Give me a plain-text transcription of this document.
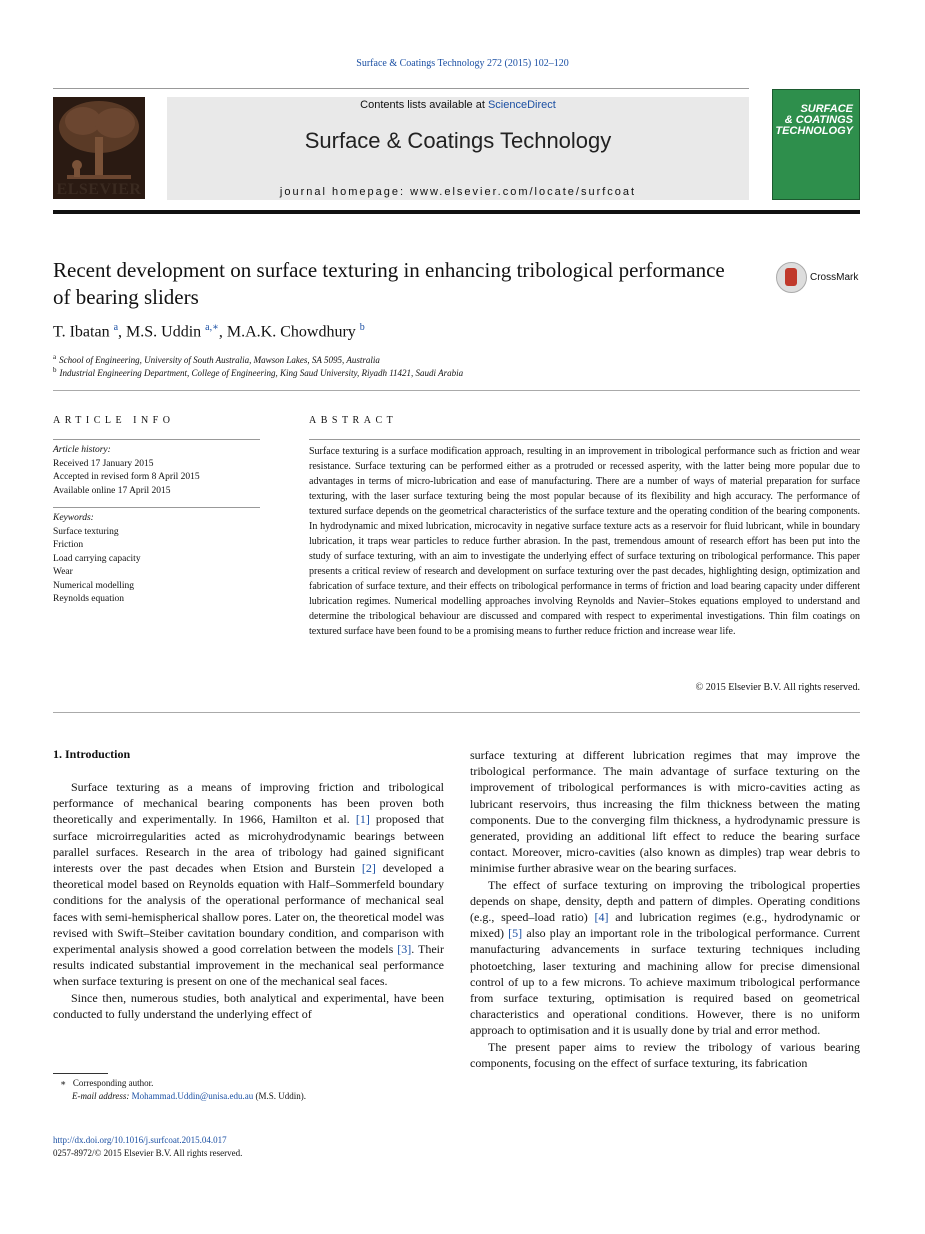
Surface & Coatings Technology 272 (2015) 102–120
ELSEVIER
Contents lists available at ScienceDirect
Surface & Coatings Technology
journal homepage: www.elsevier.com/locate/surfcoat
SURFACE
& COATINGS
TECHNOLOGY
Recent development on surface texturing in enhancing tribological performance of bearing sliders
CrossMark
T. Ibatan $^a$, M.S. Uddin $^{a,∗}$, M.A.K. Chowdhury $^b$
$^a$ School of Engineering, University of South Australia, Mawson Lakes, SA 5095, Australia
$^b$ Industrial Engineering Department, College of Engineering, King Saud University, Riyadh 11421, Saudi Arabia
ARTICLE INFO	ABSTRACT
Article history:
Received 17 January 2015
Accepted in revised form 8 April 2015
Available online 17 April 2015
Keywords:
Surface texturing
Friction
Load carrying capacity
Wear
Numerical modelling
Reynolds equation
Surface texturing is a surface modification approach, resulting in an improvement in tribological performance such as friction and wear resistance. Surface texturing can be performed either as a protruded or recessed asperity, with the latter being more popular due to advantages in terms of micro-lubrication and ease of manufacturing. There are a number of ways of material preparation for surface texturing, with the laser surface texturing being the most popular because of its flexibility and high accuracy. The performance of textured surface depends on the geometrical characteristics of the surface texture and the operating condition of the bearing components. In hydrodynamic and mixed lubrication, microcavity in negative surface texture acts as a reservoir for fluid lubricant, while in boundary lubrication, it traps wear particles to reduce further abrasion. In the past, tremendous amount of research effort has been put into the study of surface texturing, with an aim to investigate the underlying effect of surface texturing on tribological performance. This paper presents a critical review of research and development on surface texturing over the past decades, highlighting design, optimization and fabrication of surface texture, and their effects on tribological performance in terms of friction and load bearing capacity under different lubrication regimes. Numerical modelling approaches involving Reynolds and Navier–Stokes equations employed to understand and determine the tribological behaviour are discussed and compared with respect to experimental investigations. Thin film coatings on textured surface have been found to be a promising means to further reduce friction and increase wear life.
© 2015 Elsevier B.V. All rights reserved.
1. Introduction

Surface texturing as a means of improving friction and tribological performance of mechanical bearing components has been proven both theoretically and experimentally. In 1966, Hamilton et al. [1] proposed that surface microirregularities acted as microhydrodynamic bearings between parallel surfaces. Research in the area of tribology had gained significant interests over the past decades when Etsion and Burstein [2] developed a theoretical model based on Reynolds equation with Half–Sommerfeld boundary conditions for the analysis of the operational performance of mechanical seal faces with semi-hemispherical shallow pores. Later on, the theoretical model was revised with Swift–Steiber cavitation boundary condition, and comparison with experimental analysis showed a good correlation between the models [3]. Their results indicated substantial improvement in the mechanical seal performance when surface texturing is present on one of the mechanical seal faces.

Since then, numerous studies, both analytical and experimental, have been conducted to fully understand the underlying effect of

surface texturing at different lubrication regimes that may improve the tribological performance. The main advantage of surface texturing on the improvement of tribological performances is with micro-cavities acting as lubricant reservoirs, thus increasing the film thickness between the mating components. Due to the converging film thickness, a hydrodynamic pressure is generated, providing an additional lift effect to reduce the bearing surface contact. Moreover, micro-cavities (also known as dimples) trap wear debris to minimise further abrasive wear on the bearing surfaces.

The effect of surface texturing on improving the tribological properties depends on shape, density, depth and pattern of dimples. Operating conditions (e.g., speed–load ratio) [4] and lubrication regimes (e.g., hydrodynamic or mixed) [5] also play an important role in the tribological performance. Current manufacturing advancements in surface texturing techniques including photoetching, laser texturing and machining allow for precise dimensional control of up to a few microns. To achieve maximum tribological performance from surface texturing, optimisation is required based on geometrical characteristics and operational conditions. However, there is no uniform approach to optimisation and it is usually done by trial and error method.

The present paper aims to review the tribology of various bearing components, focusing on the effect of surface texturing, its fabrication

∗ Corresponding author.
E-mail address: Mohammad.Uddin@unisa.edu.au (M.S. Uddin).
http://dx.doi.org/10.1016/j.surfcoat.2015.04.017
0257-8972/© 2015 Elsevier B.V. All rights reserved.
